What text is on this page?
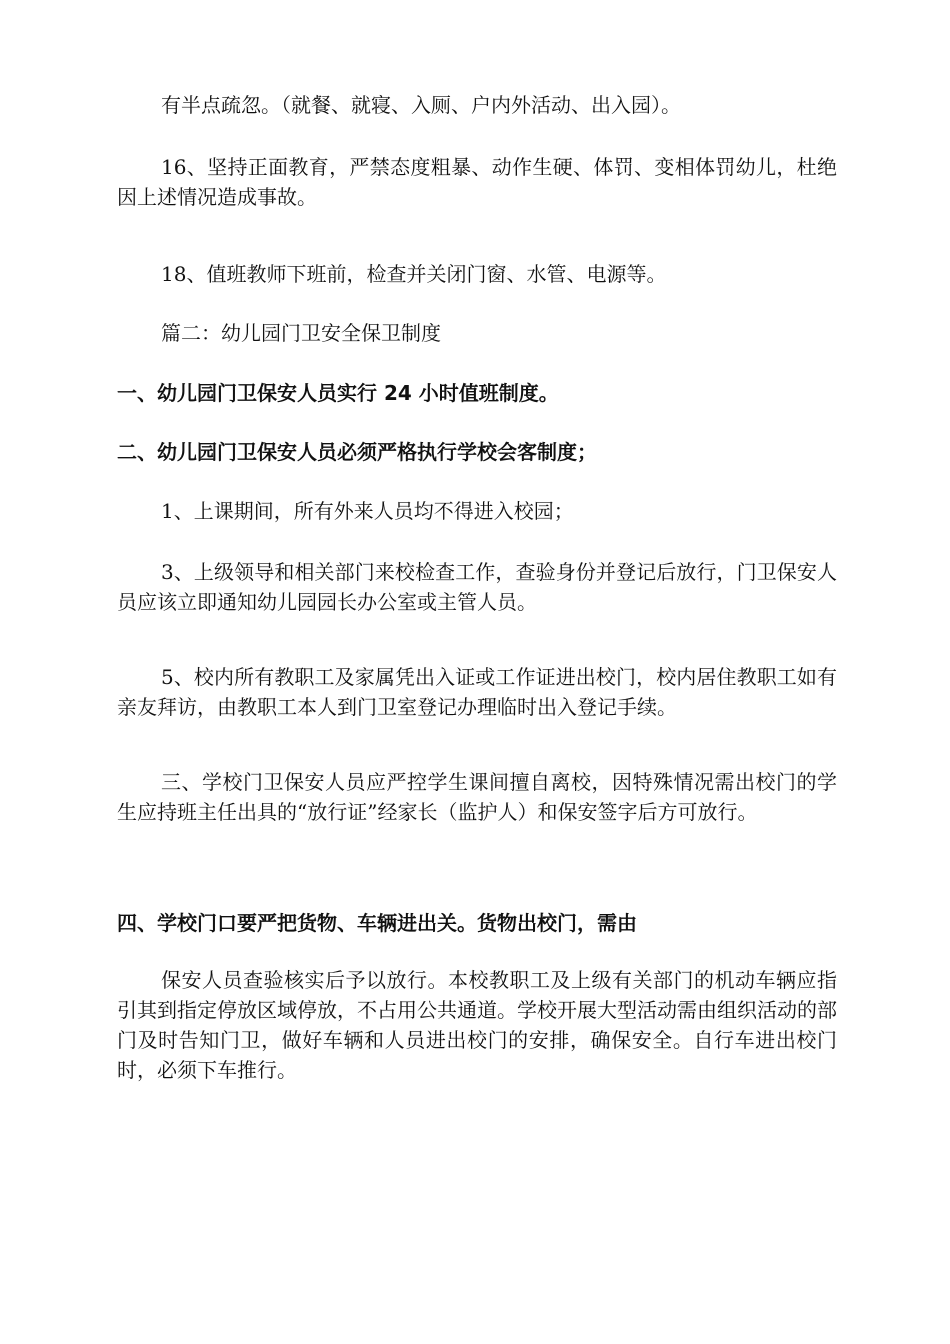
有半点疏忽。（就餐、就寝、入厕、户内外活动、出入园）。

16、坚持正面教育，严禁态度粗暴、动作生硬、体罚、变相体罚幼儿，杜绝因上述情况造成事故。

18、值班教师下班前，检查并关闭门窗、水管、电源等。

篇二：幼儿园门卫安全保卫制度

一、幼儿园门卫保安人员实行 24 小时值班制度。

二、幼儿园门卫保安人员必须严格执行学校会客制度；

1、上课期间，所有外来人员均不得进入校园；

3、上级领导和相关部门来校检查工作，查验身份并登记后放行，门卫保安人员应该立即通知幼儿园园长办公室或主管人员。

5、校内所有教职工及家属凭出入证或工作证进出校门，校内居住教职工如有亲友拜访，由教职工本人到门卫室登记办理临时出入登记手续。

三、学校门卫保安人员应严控学生课间擅自离校，因特殊情况需出校门的学生应持班主任出具的“放行证”经家长（监护人）和保安签字后方可放行。

四、学校门口要严把货物、车辆进出关。货物出校门，需由

保安人员查验核实后予以放行。本校教职工及上级有关部门的机动车辆应指引其到指定停放区域停放，不占用公共通道。学校开展大型活动需由组织活动的部门及时告知门卫，做好车辆和人员进出校门的安排，确保安全。自行车进出校门时，必须下车推行。
